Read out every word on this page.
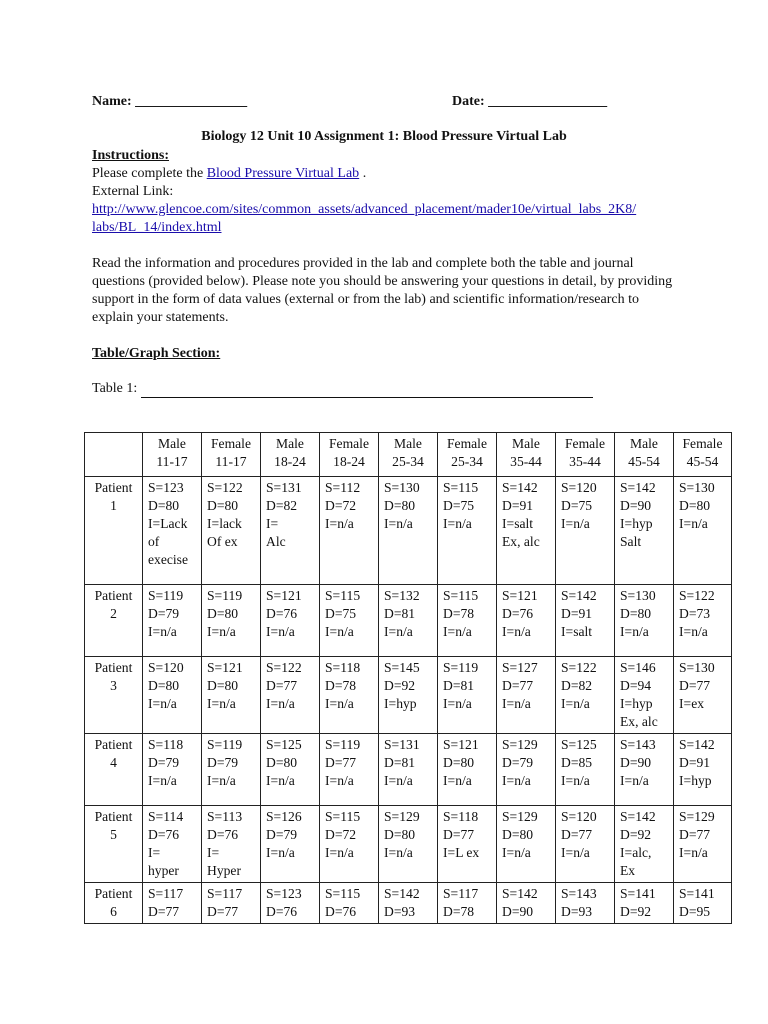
Name: ________________	Date: _________________
Biology 12 Unit 10 Assignment 1: Blood Pressure Virtual Lab
Instructions:
Please complete the Blood Pressure Virtual Lab .
External Link:
http://www.glencoe.com/sites/common_assets/advanced_placement/mader10e/virtual_labs_2K8/
labs/BL_14/index.html
Read the information and procedures provided in the lab and complete both the table and journal questions (provided below). Please note you should be answering your questions in detail, by providing support in the form of data values (external or from the lab) and scientific information/research to explain your statements.
Table/Graph Section:
Table 1:

	Male
11-17	Female
11-17	Male
18-24	Female
18-24	Male
25-34	Female
25-34	Male
35-44	Female
35-44	Male
45-54	Female
45-54

Patient
1	S=123
D=80
I=Lack
of
execise	S=122
D=80
I=lack
Of ex	S=131
D=82
I=
Alc	S=112
D=72
I=n/a	S=130
D=80
I=n/a	S=115
D=75
I=n/a	S=142
D=91
I=salt
Ex, alc	S=120
D=75
I=n/a	S=142
D=90
I=hyp
Salt	S=130
D=80
I=n/a

Patient
2	S=119
D=79
I=n/a	S=119
D=80
I=n/a	S=121
D=76
I=n/a	S=115
D=75
I=n/a	S=132
D=81
I=n/a	S=115
D=78
I=n/a	S=121
D=76
I=n/a	S=142
D=91
I=salt	S=130
D=80
I=n/a	S=122
D=73
I=n/a

Patient
3	S=120
D=80
I=n/a	S=121
D=80
I=n/a	S=122
D=77
I=n/a	S=118
D=78
I=n/a	S=145
D=92
I=hyp	S=119
D=81
I=n/a	S=127
D=77
I=n/a	S=122
D=82
I=n/a	S=146
D=94
I=hyp
Ex, alc	S=130
D=77
I=ex

Patient
4	S=118
D=79
I=n/a	S=119
D=79
I=n/a	S=125
D=80
I=n/a	S=119
D=77
I=n/a	S=131
D=81
I=n/a	S=121
D=80
I=n/a	S=129
D=79
I=n/a	S=125
D=85
I=n/a	S=143
D=90
I=n/a	S=142
D=91
I=hyp

Patient
5	S=114
D=76
I=
hyper	S=113
D=76
I=
Hyper	S=126
D=79
I=n/a	S=115
D=72
I=n/a	S=129
D=80
I=n/a	S=118
D=77
I=L ex	S=129
D=80
I=n/a	S=120
D=77
I=n/a	S=142
D=92
I=alc,
Ex	S=129
D=77
I=n/a

Patient
6	S=117
D=77	S=117
D=77	S=123
D=76	S=115
D=76	S=142
D=93	S=117
D=78	S=142
D=90	S=143
D=93	S=141
D=92	S=141
D=95
